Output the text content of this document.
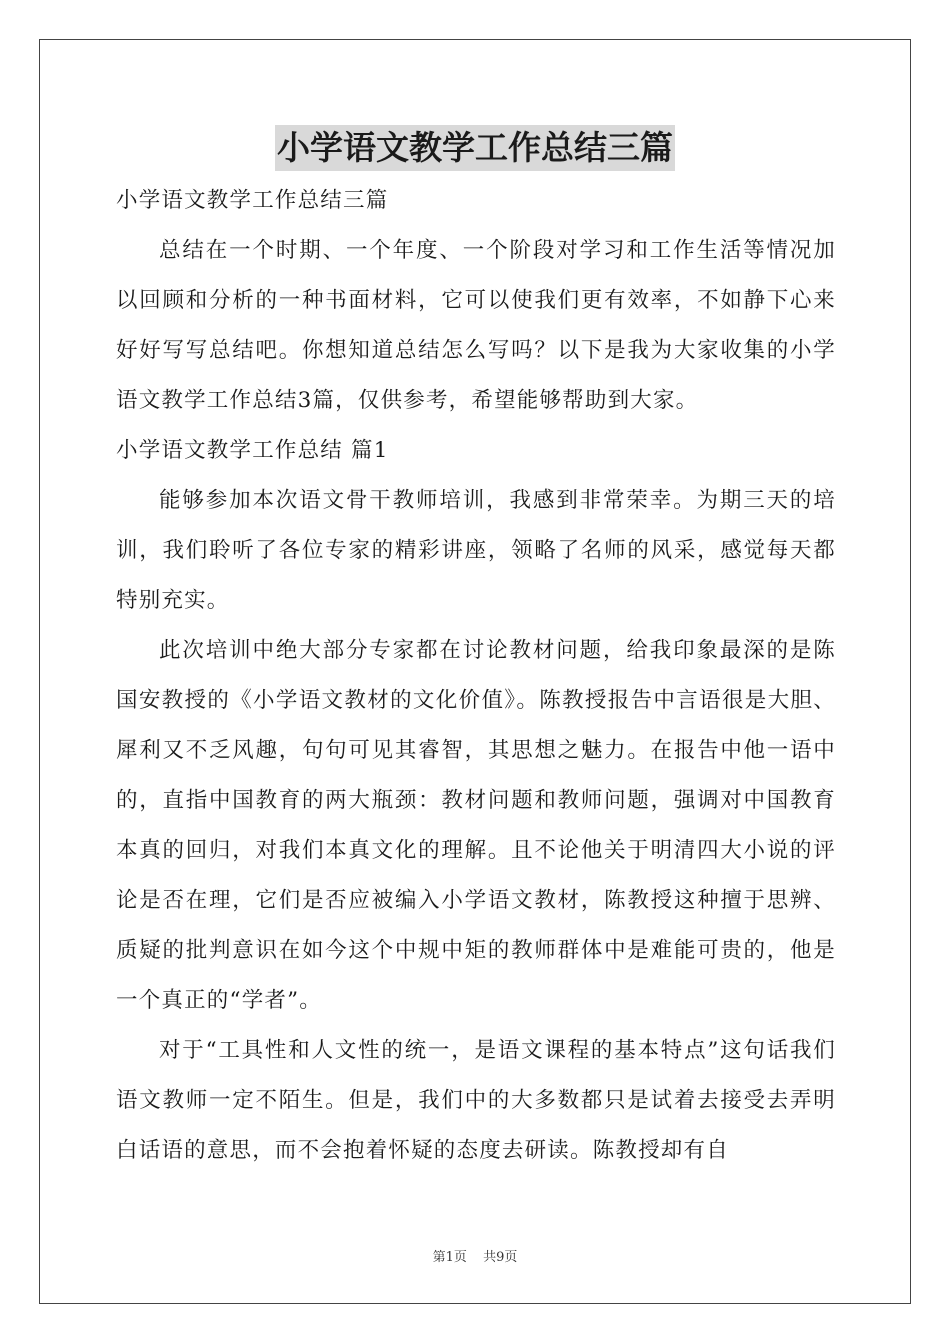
小学语文教学工作总结三篇

小学语文教学工作总结三篇

总结在一个时期、一个年度、一个阶段对学习和工作生活等情况加以回顾和分析的一种书面材料，它可以使我们更有效率，不如静下心来好好写写总结吧。你想知道总结怎么写吗？以下是我为大家收集的小学语文教学工作总结3篇，仅供参考，希望能够帮助到大家。

小学语文教学工作总结 篇1

能够参加本次语文骨干教师培训，我感到非常荣幸。为期三天的培训，我们聆听了各位专家的精彩讲座，领略了名师的风采，感觉每天都特别充实。

此次培训中绝大部分专家都在讨论教材问题，给我印象最深的是陈国安教授的《小学语文教材的文化价值》。陈教授报告中言语很是大胆、犀利又不乏风趣，句句可见其睿智，其思想之魅力。在报告中他一语中的，直指中国教育的两大瓶颈：教材问题和教师问题，强调对中国教育本真的回归，对我们本真文化的理解。且不论他关于明清四大小说的评论是否在理，它们是否应被编入小学语文教材，陈教授这种擅于思辨、质疑的批判意识在如今这个中规中矩的教师群体中是难能可贵的，他是一个真正的“学者”。

对于“工具性和人文性的统一，是语文课程的基本特点”这句话我们语文教师一定不陌生。但是，我们中的大多数都只是试着去接受去弄明白话语的意思，而不会抱着怀疑的态度去研读。陈教授却有自

第1页 共9页
